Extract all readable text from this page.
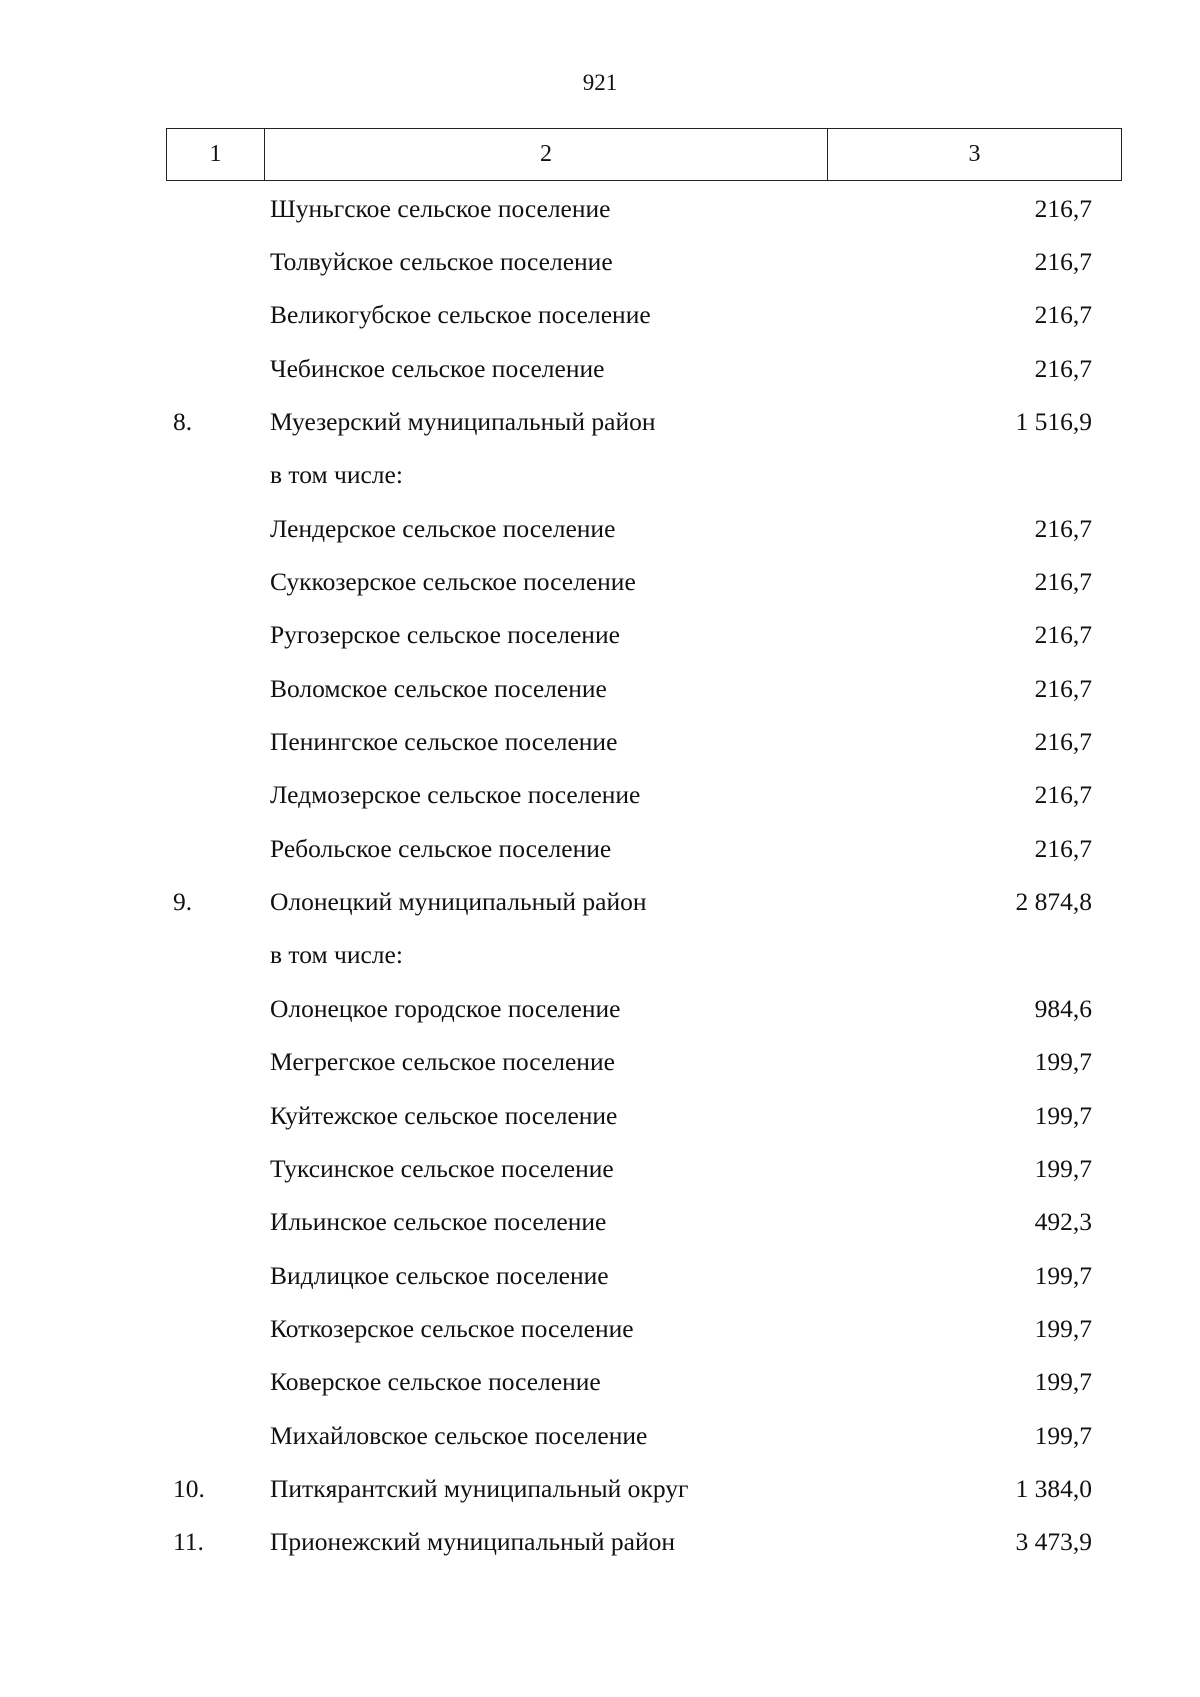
921
1	2	3
Шуньгское сельское поселение	216,7
Толвуйское сельское поселение	216,7
Великогубское сельское поселение	216,7
Чебинское сельское поселение	216,7
8.	Муезерский муниципальный район	1 516,9
в том числе:
Лендерское сельское поселение	216,7
Суккозерское сельское поселение	216,7
Ругозерское сельское поселение	216,7
Воломское сельское поселение	216,7
Пенингское сельское поселение	216,7
Ледмозерское сельское поселение	216,7
Ребольское сельское поселение	216,7
9.	Олонецкий муниципальный район	2 874,8
в том числе:
Олонецкое городское поселение	984,6
Мегрегское сельское поселение	199,7
Куйтежское сельское поселение	199,7
Туксинское сельское поселение	199,7
Ильинское сельское поселение	492,3
Видлицкое сельское поселение	199,7
Коткозерское сельское поселение	199,7
Коверское сельское поселение	199,7
Михайловское сельское поселение	199,7
10.	Питкярантский муниципальный округ	1 384,0
11.	Прионежский муниципальный район	3 473,9
